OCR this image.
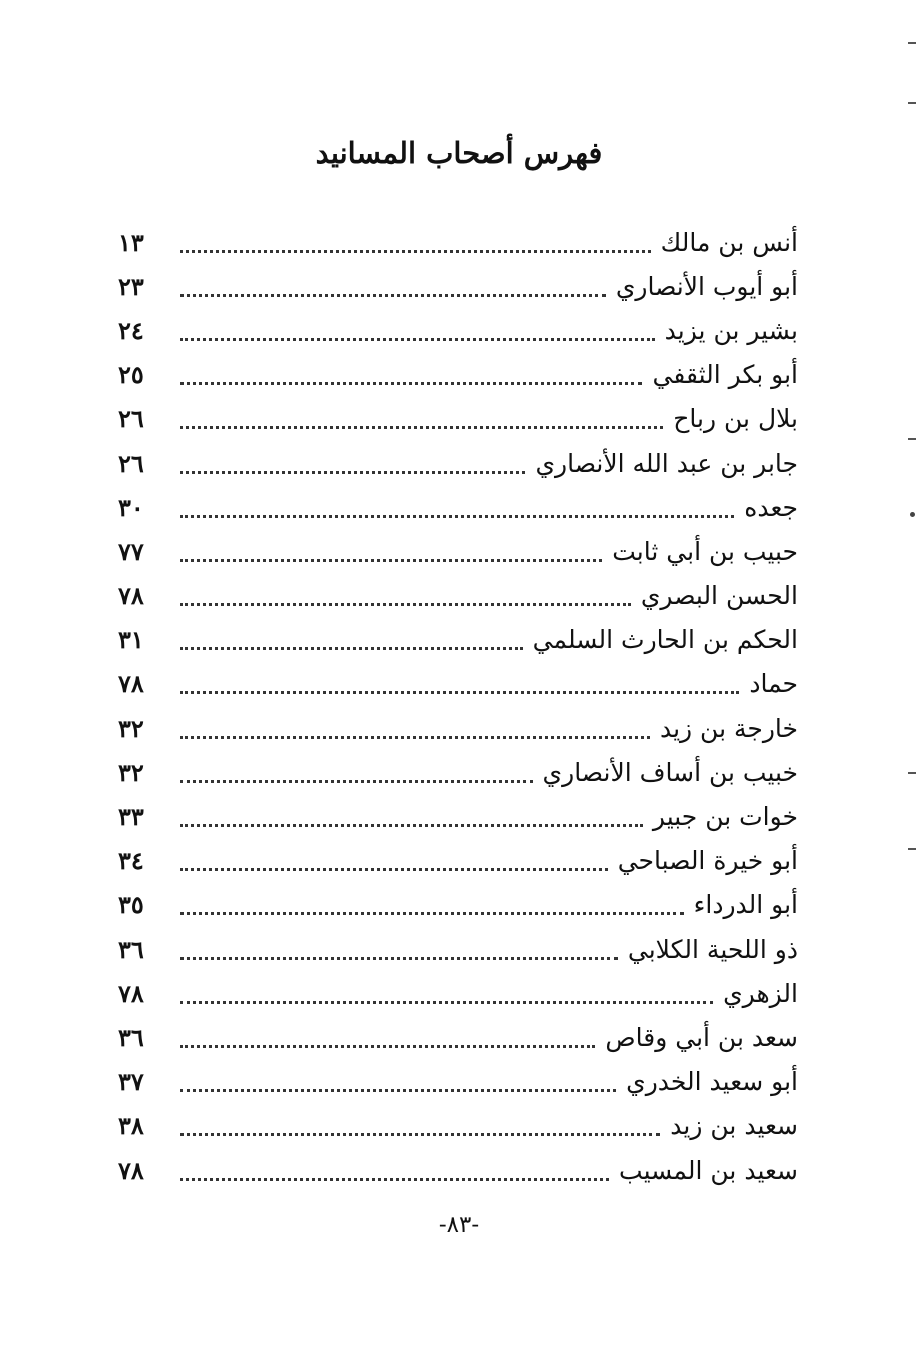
فهرس أصحاب المسانيد
أنس بن مالك
١٣
أبو أيوب الأنصاري
٢٣
بشير بن يزيد
٢٤
أبو بكر الثقفي
٢٥
بلال بن رباح
٢٦
جابر بن عبد الله الأنصاري
٢٦
جعده
٣٠
حبيب بن أبي ثابت
٧٧
الحسن البصري
٧٨
الحكم بن الحارث السلمي
٣١
حماد
٧٨
خارجة بن زيد
٣٢
خبيب بن أساف الأنصاري
٣٢
خوات بن جبير
٣٣
أبو خيرة الصباحي
٣٤
أبو الدرداء
٣٥
ذو اللحية الكلابي
٣٦
الزهري
٧٨
سعد بن أبي وقاص
٣٦
أبو سعيد الخدري
٣٧
سعيد بن زيد
٣٨
سعيد بن المسيب
٧٨
-٨٣-
